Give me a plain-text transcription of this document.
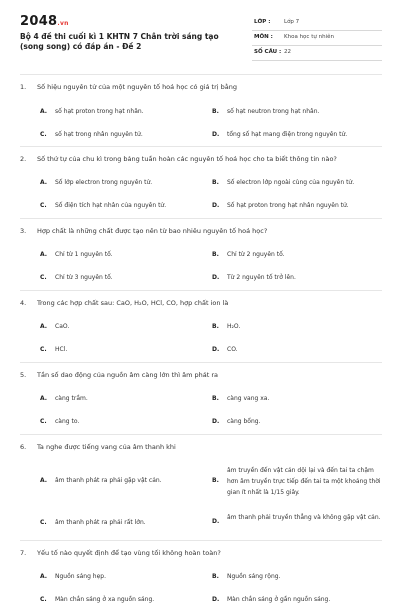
2048.vn
Bộ 4 đề thi cuối kì 1 KHTN 7 Chân trời sáng tạo (song song) có đáp án - Đề 2
LỚP : Lớp 7
MÔN : Khoa học tự nhiên
SỐ CÂU : 22
1. Số hiệu nguyên tử của một nguyên tố hoá học có giá trị bằng
A. số hạt proton trong hạt nhân.	B. số hạt neutron trong hạt nhân.
C. số hạt trong nhân nguyên tử.	D. tổng số hạt mang điện trong nguyên tử.
2. Số thứ tự của chu kì trong bảng tuần hoàn các nguyên tố hoá học cho ta biết thông tin nào?
A. Số lớp electron trong nguyên tử.	B. Số electron lớp ngoài cùng của nguyên tử.
C. Số điện tích hạt nhân của nguyên tử.	D. Số hạt proton trong hạt nhân nguyên tử.
3. Hợp chất là những chất được tạo nên từ bao nhiêu nguyên tố hoá học?
A. Chỉ từ 1 nguyên tố.	B. Chỉ từ 2 nguyên tố.
C. Chỉ từ 3 nguyên tố.	D. Từ 2 nguyên tố trở lên.
4. Trong các hợp chất sau: CaO, H₂O, HCl, CO, hợp chất ion là
A. CaO.	B. H₂O.
C. HCl.	D. CO.
5. Tần số dao động của nguồn âm càng lớn thì âm phát ra
A. càng trầm.	B. càng vang xa.
C. càng to.	D. càng bổng.
6. Ta nghe được tiếng vang của âm thanh khi
A. âm thanh phát ra phải gặp vật cản.	B.
âm truyền đến vật cản dội lại và đến tai ta chậm hơn âm truyền trực tiếp đến tai ta một khoảng thời gian ít nhất là 1/15 giây.
C. âm thanh phát ra phải rất lớn.	D.
âm thanh phải truyền thẳng và không gặp vật cản.
7. Yếu tố nào quyết định để tạo vùng tối không hoàn toàn?
A. Nguồn sáng hẹp.	B. Nguồn sáng rộng.
C. Màn chắn sáng ở xa nguồn sáng.	D. Màn chắn sáng ở gần nguồn sáng.
